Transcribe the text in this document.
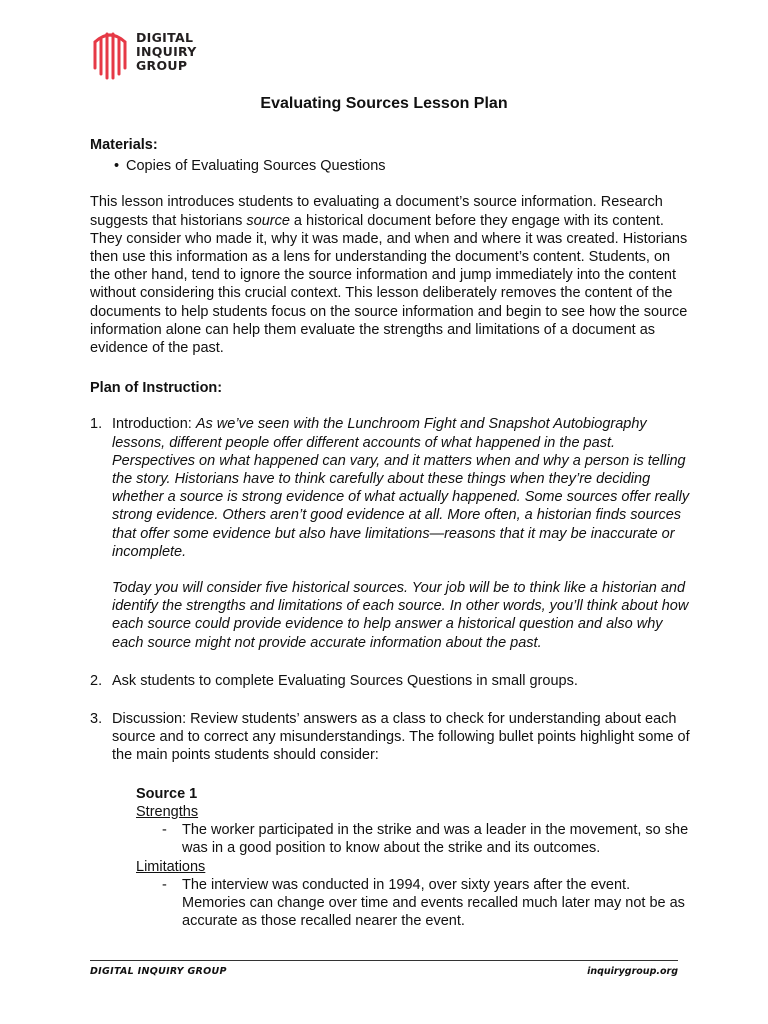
DIGITAL
INQUIRY
GROUP
Evaluating Sources Lesson Plan
Materials:
• Copies of Evaluating Sources Questions
This lesson introduces students to evaluating a document’s source information. Research suggests that historians source a historical document before they engage with its content. They consider who made it, why it was made, and when and where it was created. Historians then use this information as a lens for understanding the document’s content. Students, on the other hand, tend to ignore the source information and jump immediately into the content without considering this crucial context. This lesson deliberately removes the content of the documents to help students focus on the source information and begin to see how the source information alone can help them evaluate the strengths and limitations of a document as evidence of the past.
Plan of Instruction:
1. Introduction: As we’ve seen with the Lunchroom Fight and Snapshot Autobiography lessons, different people offer different accounts of what happened in the past. Perspectives on what happened can vary, and it matters when and why a person is telling the story. Historians have to think carefully about these things when they’re deciding whether a source is strong evidence of what actually happened. Some sources offer really strong evidence. Others aren’t good evidence at all. More often, a historian finds sources that offer some evidence but also have limitations—reasons that it may be inaccurate or incomplete.
Today you will consider five historical sources. Your job will be to think like a historian and identify the strengths and limitations of each source. In other words, you’ll think about how each source could provide evidence to help answer a historical question and also why each source might not provide accurate information about the past.
2. Ask students to complete Evaluating Sources Questions in small groups.
3. Discussion: Review students’ answers as a class to check for understanding about each source and to correct any misunderstandings. The following bullet points highlight some of the main points students should consider:
Source 1
Strengths
- The worker participated in the strike and was a leader in the movement, so she was in a good position to know about the strike and its outcomes.
Limitations
- The interview was conducted in 1994, over sixty years after the event. Memories can change over time and events recalled much later may not be as accurate as those recalled nearer the event.
DIGITAL INQUIRY GROUP	inquirygroup.org
